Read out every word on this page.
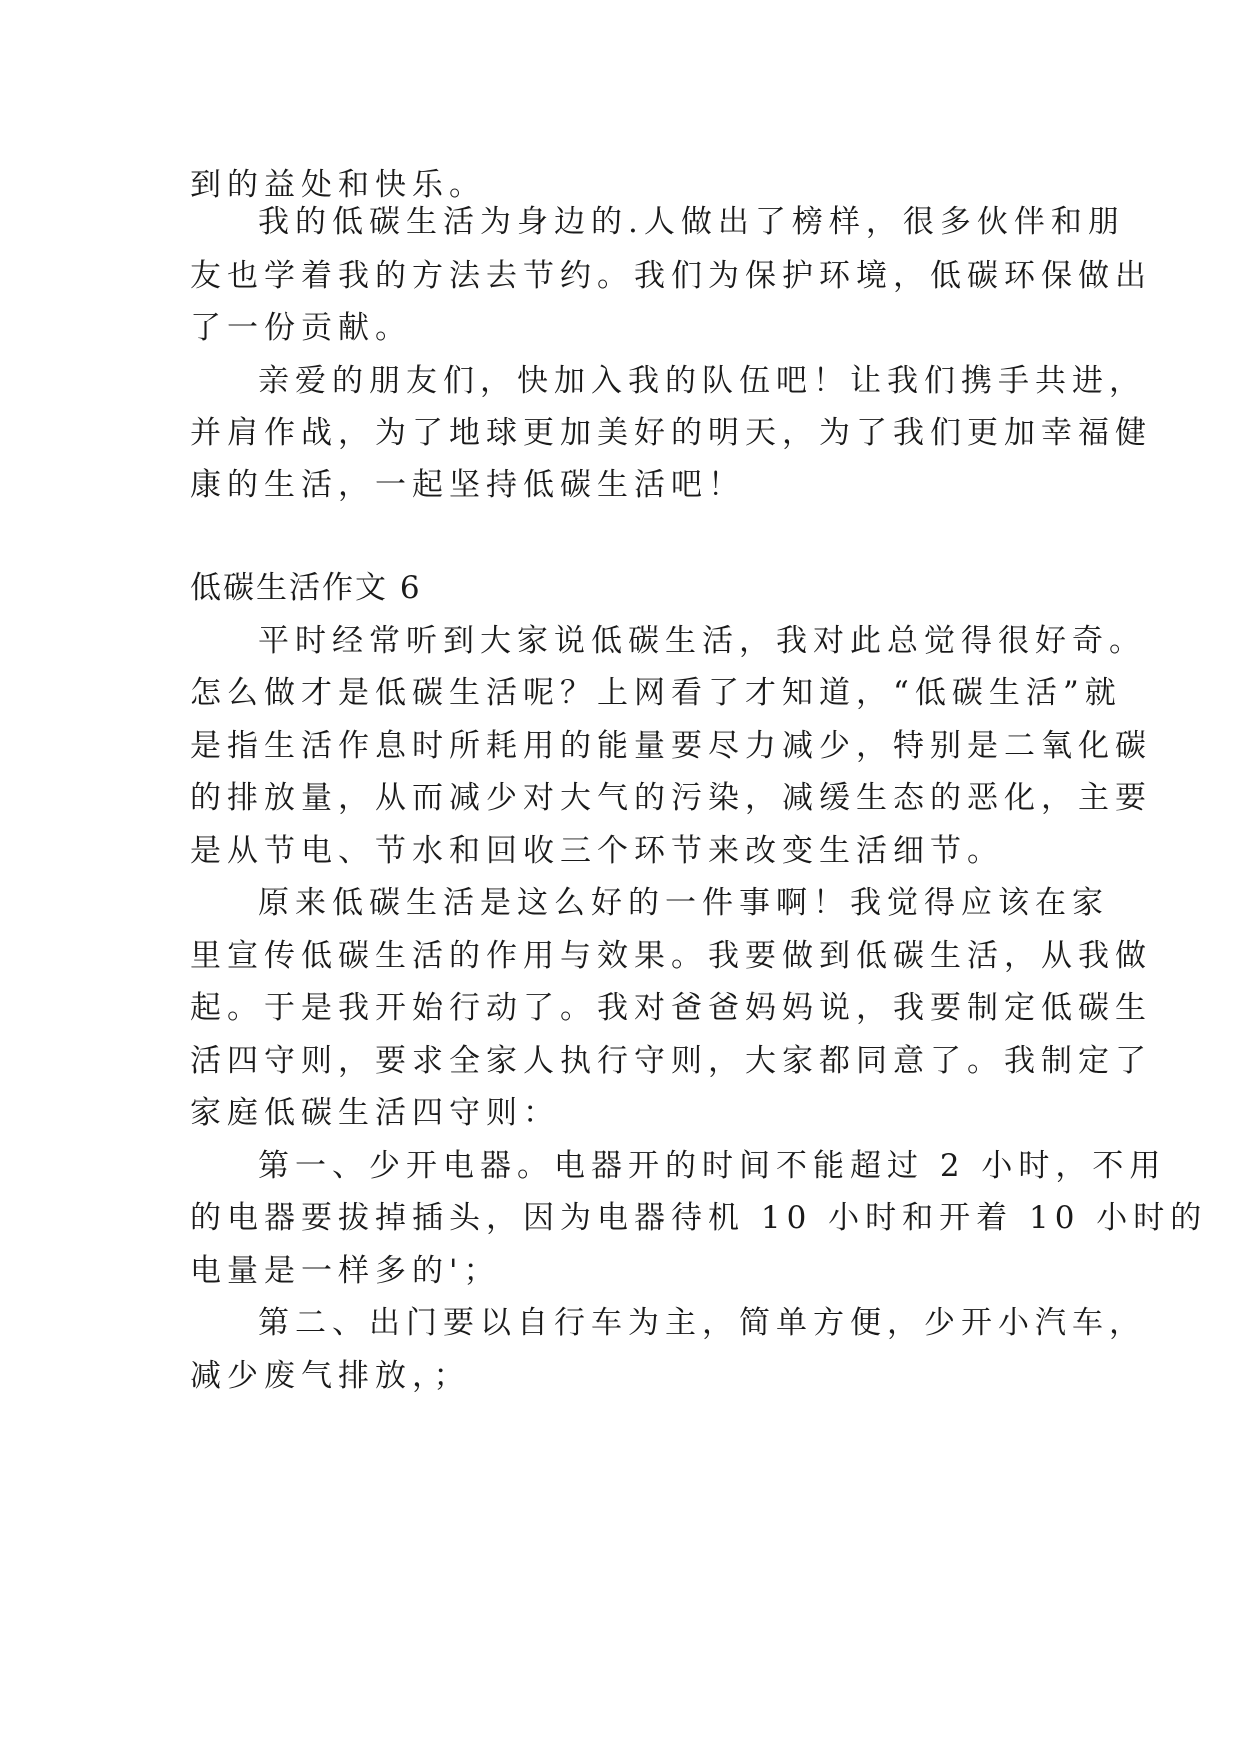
到的益处和快乐。

我的低碳生活为身边的.人做出了榜样，很多伙伴和朋

友也学着我的方法去节约。我们为保护环境，低碳环保做出

了一份贡献。

亲爱的朋友们，快加入我的队伍吧！让我们携手共进，

并肩作战，为了地球更加美好的明天，为了我们更加幸福健

康的生活，一起坚持低碳生活吧！

低碳生活作文 6

平时经常听到大家说低碳生活，我对此总觉得很好奇。

怎么做才是低碳生活呢？上网看了才知道，“低碳生活”就

是指生活作息时所耗用的能量要尽力减少，特别是二氧化碳

的排放量，从而减少对大气的污染，减缓生态的恶化，主要

是从节电、节水和回收三个环节来改变生活细节。

原来低碳生活是这么好的一件事啊！我觉得应该在家

里宣传低碳生活的作用与效果。我要做到低碳生活，从我做

起。于是我开始行动了。我对爸爸妈妈说，我要制定低碳生

活四守则，要求全家人执行守则，大家都同意了。我制定了

家庭低碳生活四守则：

第一、少开电器。电器开的时间不能超过 2 小时，不用

的电器要拔掉插头，因为电器待机 10 小时和开着 10 小时的

电量是一样多的'；

第二、出门要以自行车为主，简单方便，少开小汽车，

减少废气排放，；
